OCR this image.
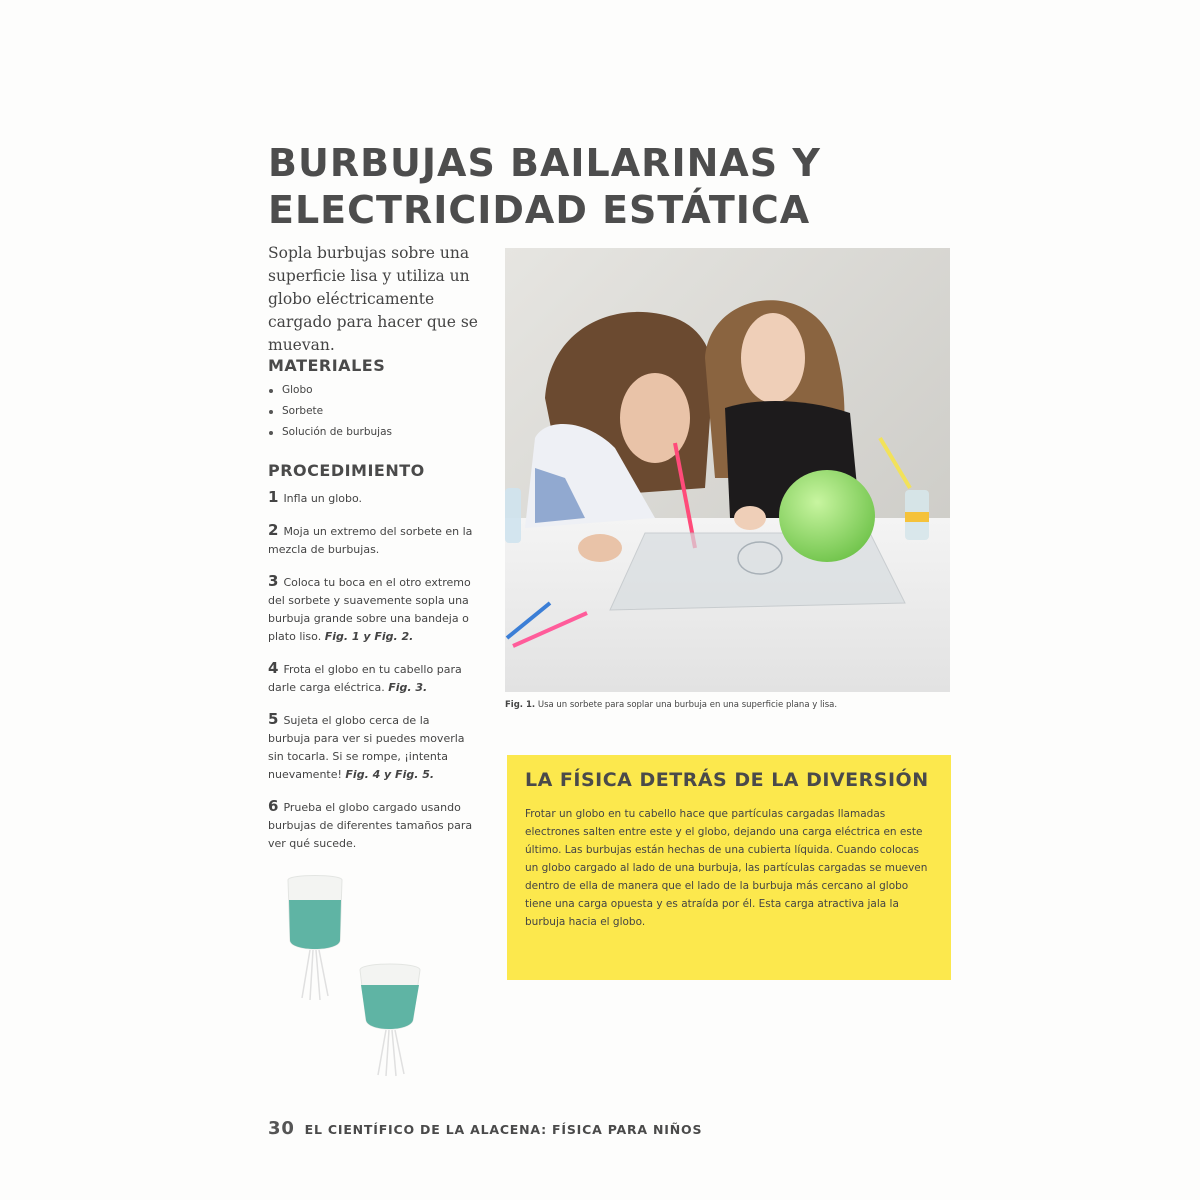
BURBUJAS BAILARINAS Y ELECTRICIDAD ESTÁTICA

Sopla burbujas sobre una superficie lisa y utiliza un globo eléctricamente cargado para hacer que se muevan.

MATERIALES
Globo
Sorbete
Solución de burbujas
PROCEDIMIENTO
1 Infla un globo.
2 Moja un extremo del sorbete en la mezcla de burbujas.
3 Coloca tu boca en el otro extremo del sorbete y suavemente sopla una burbuja grande sobre una bandeja o plato liso. Fig. 1 y Fig. 2.
4 Frota el globo en tu cabello para darle carga eléctrica. Fig. 3.
5 Sujeta el globo cerca de la burbuja para ver si puedes moverla sin tocarla. Si se rompe, ¡intenta nuevamente! Fig. 4 y Fig. 5.
6 Prueba el globo cargado usando burbujas de diferentes tamaños para ver qué sucede.

Fig. 1. Usa un sorbete para soplar una burbuja en una superficie plana y lisa.

LA FÍSICA DETRÁS DE LA DIVERSIÓN

Frotar un globo en tu cabello hace que partículas cargadas llamadas electrones salten entre este y el globo, dejando una carga eléctrica en este último. Las burbujas están hechas de una cubierta líquida. Cuando colocas un globo cargado al lado de una burbuja, las partículas cargadas se mueven dentro de ella de manera que el lado de la burbuja más cercano al globo tiene una carga opuesta y es atraída por él. Esta carga atractiva jala la burbuja hacia el globo.

30 EL CIENTÍFICO DE LA ALACENA: FÍSICA PARA NIÑOS
